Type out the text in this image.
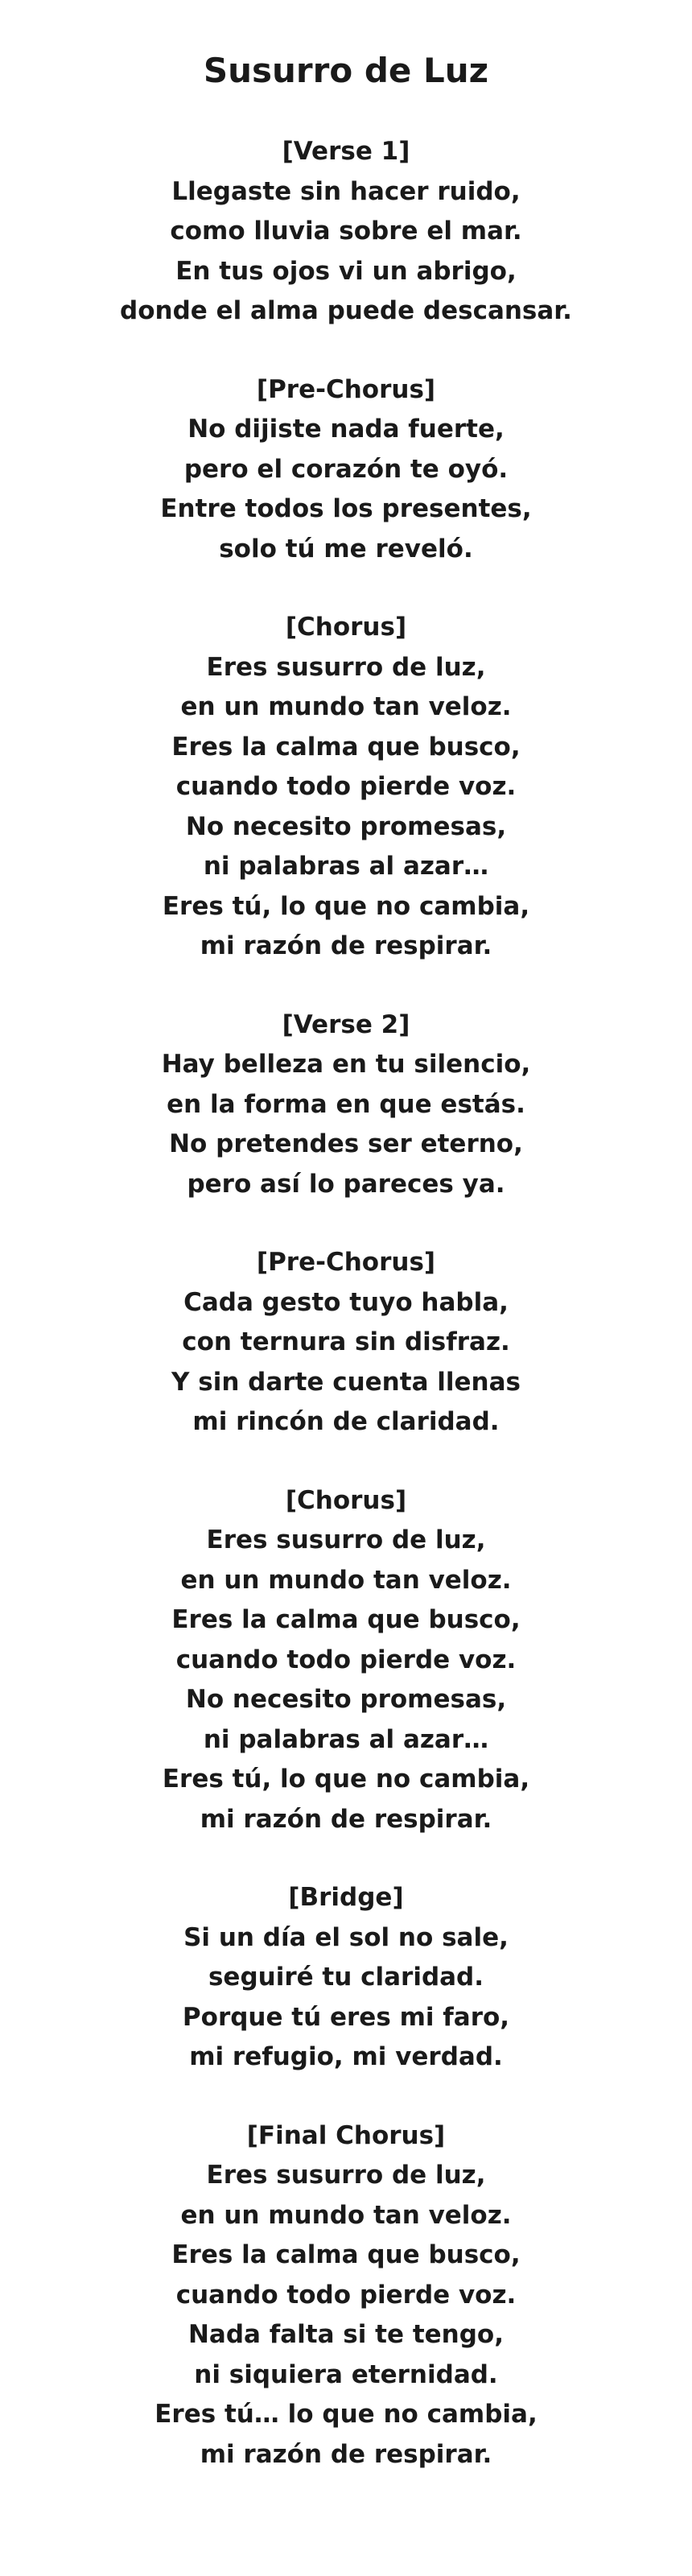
Susurro de Luz
[Verse 1]
Llegaste sin hacer ruido,
como lluvia sobre el mar.
En tus ojos vi un abrigo,
donde el alma puede descansar.
[Pre-Chorus]
No dijiste nada fuerte,
pero el corazón te oyó.
Entre todos los presentes,
solo tú me reveló.
[Chorus]
Eres susurro de luz,
en un mundo tan veloz.
Eres la calma que busco,
cuando todo pierde voz.
No necesito promesas,
ni palabras al azar…
Eres tú, lo que no cambia,
mi razón de respirar.
[Verse 2]
Hay belleza en tu silencio,
en la forma en que estás.
No pretendes ser eterno,
pero así lo pareces ya.
[Pre-Chorus]
Cada gesto tuyo habla,
con ternura sin disfraz.
Y sin darte cuenta llenas
mi rincón de claridad.
[Chorus]
Eres susurro de luz,
en un mundo tan veloz.
Eres la calma que busco,
cuando todo pierde voz.
No necesito promesas,
ni palabras al azar…
Eres tú, lo que no cambia,
mi razón de respirar.
[Bridge]
Si un día el sol no sale,
seguiré tu claridad.
Porque tú eres mi faro,
mi refugio, mi verdad.
[Final Chorus]
Eres susurro de luz,
en un mundo tan veloz.
Eres la calma que busco,
cuando todo pierde voz.
Nada falta si te tengo,
ni siquiera eternidad.
Eres tú… lo que no cambia,
mi razón de respirar.
